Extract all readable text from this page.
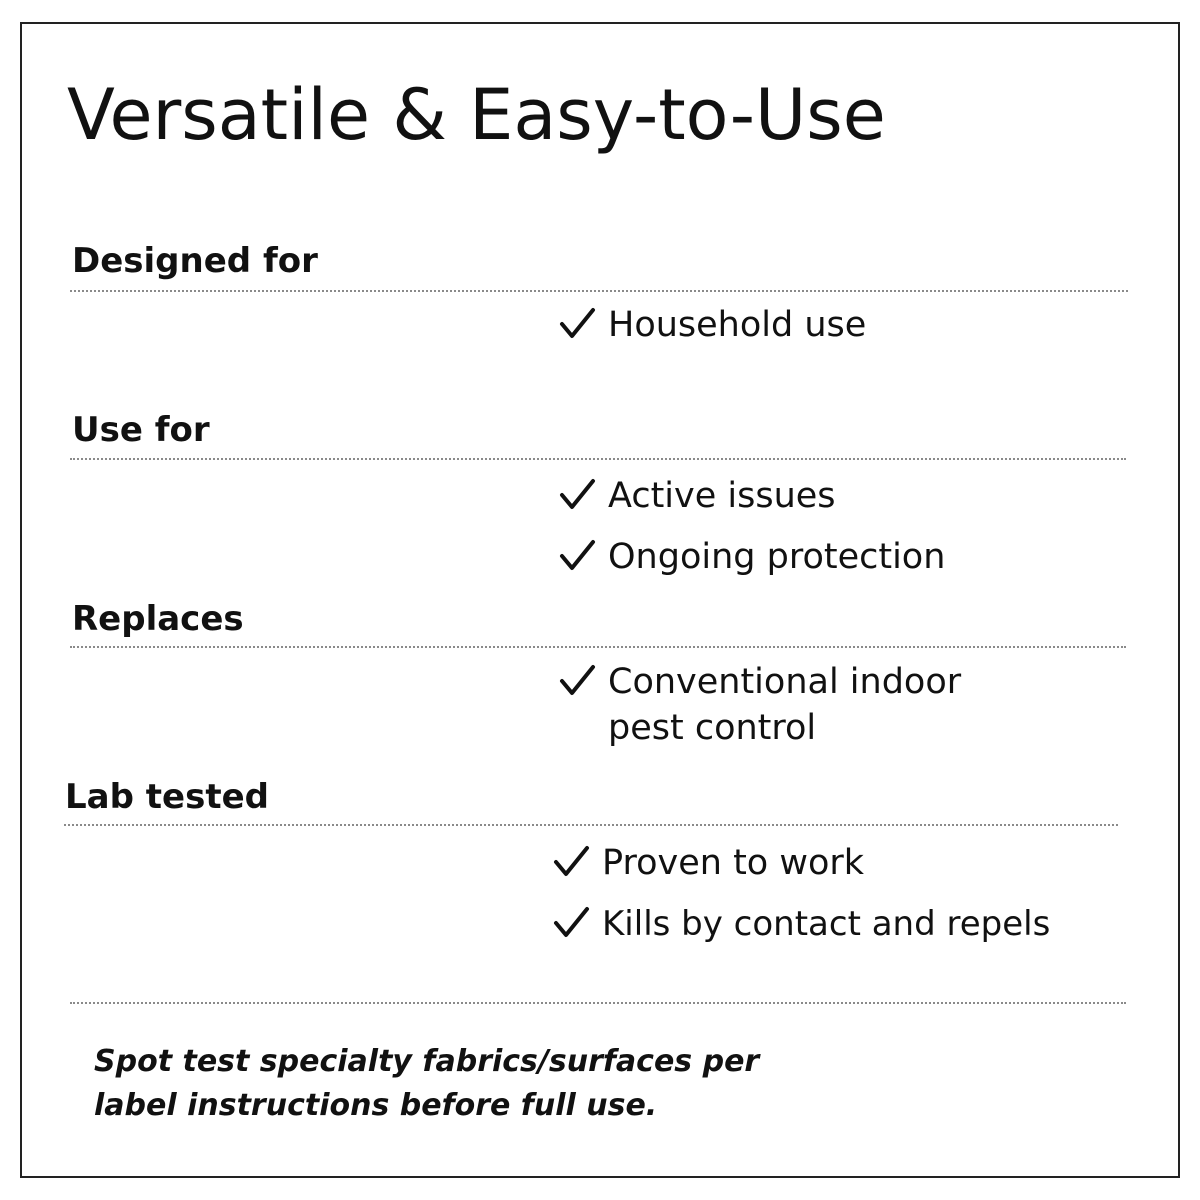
Versatile & Easy-to-Use
Designed for
Household use
Use for
Active issues
Ongoing protection
Replaces
Conventional indoor
pest control
Lab tested
Proven to work
Kills by contact and repels
Spot test specialty fabrics/surfaces per
label instructions before full use.
